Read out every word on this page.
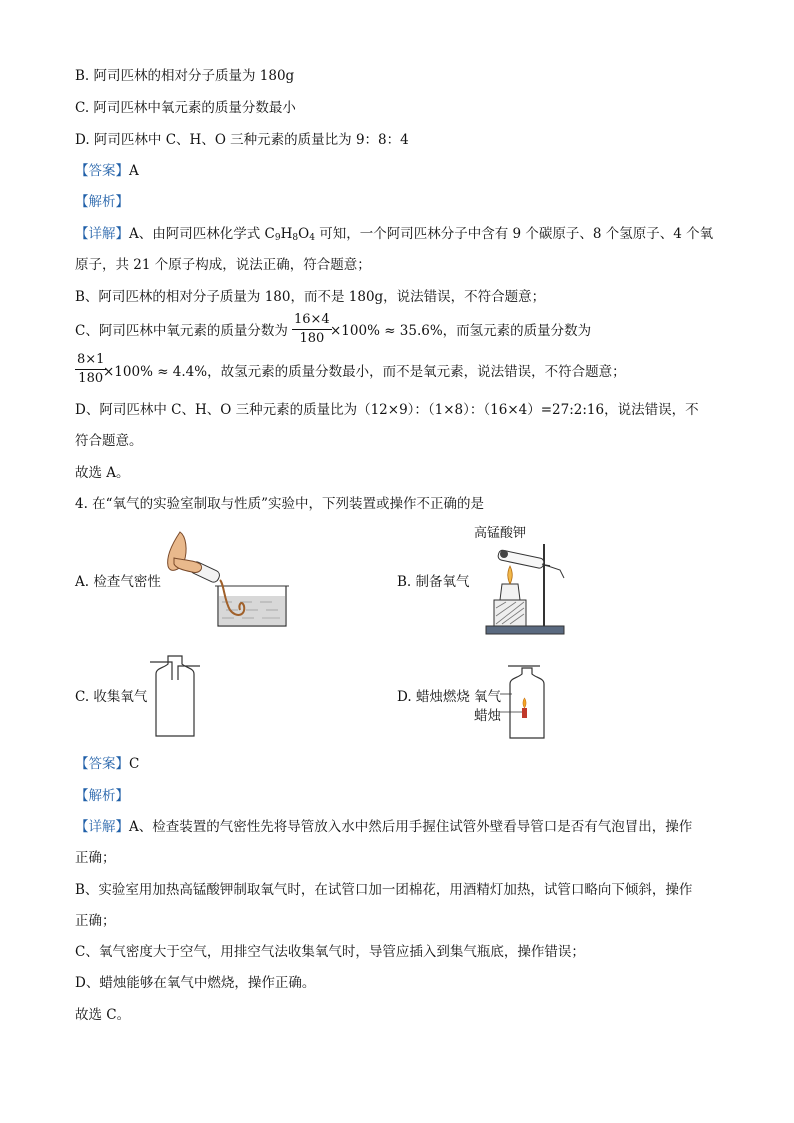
B. 阿司匹林的相对分子质量为 180g
C. 阿司匹林中氧元素的质量分数最小
D. 阿司匹林中 C、H、O 三种元素的质量比为 9：8：4
【答案】A
【解析】
【详解】A、由阿司匹林化学式 $C_9H_8O_4$ 可知，一个阿司匹林分子中含有 9 个碳原子、8 个氢原子、4 个氧
原子，共 21 个原子构成，说法正确，符合题意；
B、阿司匹林的相对分子质量为 180，而不是 180g，说法错误，不符合题意；
C、阿司匹林中氧元素的质量分数为 $\frac{16\times 4}{180}$
×100% ≈ 35.6%，而氢元素的质量分数为
$\frac{8\times 1}{180}$
×100% ≈ 4.4%，故氢元素的质量分数最小，而不是氧元素，说法错误，不符合题意；
D、阿司匹林中 C、H、O 三种元素的质量比为（12×9）：（1×8）：（16×4）=27:2:16，说法错误，不
符合题意。
故选 A。
4. 在“氧气的实验室制取与性质”实验中，下列装置或操作不正确的是
A. 检查气密性	B. 制备氧气
高锰酸钾
C. 收集氧气	D. 蜡烛燃烧 氧气
蜡烛
【答案】C
【解析】
【详解】A、检查装置的气密性先将导管放入水中然后用手握住试管外壁看导管口是否有气泡冒出，操作
正确；
B、实验室用加热高锰酸钾制取氧气时，在试管口加一团棉花，用酒精灯加热，试管口略向下倾斜，操作
正确；
C、氧气密度大于空气，用排空气法收集氧气时，导管应插入到集气瓶底，操作错误；
D、蜡烛能够在氧气中燃烧，操作正确。
故选 C。
